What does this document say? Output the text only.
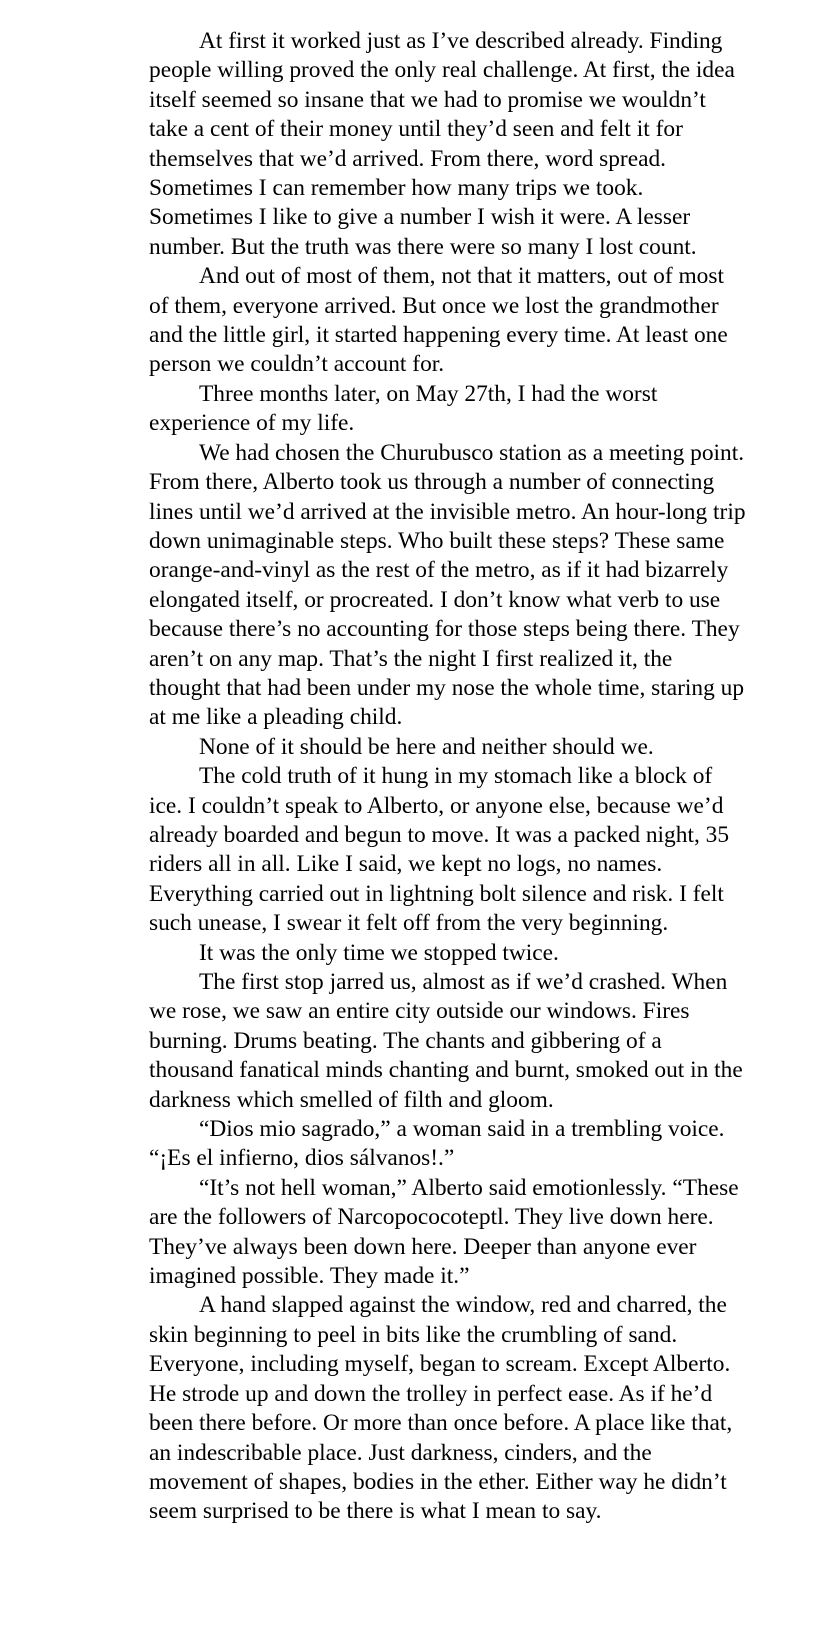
At first it worked just as I’ve described already. Finding people willing proved the only real challenge. At first, the idea itself seemed so insane that we had to promise we wouldn’t take a cent of their money until they’d seen and felt it for themselves that we’d arrived. From there, word spread. Sometimes I can remember how many trips we took. Sometimes I like to give a number I wish it were. A lesser number. But the truth was there were so many I lost count.

And out of most of them, not that it matters, out of most of them, everyone arrived. But once we lost the grandmother and the little girl, it started happening every time. At least one person we couldn’t account for.

Three months later, on May 27th, I had the worst experience of my life.

We had chosen the Churubusco station as a meeting point. From there, Alberto took us through a number of connecting lines until we’d arrived at the invisible metro. An hour-long trip down unimaginable steps. Who built these steps? These same orange-and-vinyl as the rest of the metro, as if it had bizarrely elongated itself, or procreated. I don’t know what verb to use because there’s no accounting for those steps being there. They aren’t on any map. That’s the night I first realized it, the thought that had been under my nose the whole time, staring up at me like a pleading child.

None of it should be here and neither should we.

The cold truth of it hung in my stomach like a block of ice. I couldn’t speak to Alberto, or anyone else, because we’d already boarded and begun to move. It was a packed night, 35 riders all in all. Like I said, we kept no logs, no names. Everything carried out in lightning bolt silence and risk. I felt such unease, I swear it felt off from the very beginning.

It was the only time we stopped twice.

The first stop jarred us, almost as if we’d crashed. When we rose, we saw an entire city outside our windows. Fires burning. Drums beating. The chants and gibbering of a thousand fanatical minds chanting and burnt, smoked out in the darkness which smelled of filth and gloom.

“Dios mio sagrado,” a woman said in a trembling voice. “¡Es el infierno, dios sálvanos!.”

“It’s not hell woman,” Alberto said emotionlessly. “These are the followers of Narcopococoteptl. They live down here. They’ve always been down here. Deeper than anyone ever imagined possible. They made it.”

A hand slapped against the window, red and charred, the skin beginning to peel in bits like the crumbling of sand. Everyone, including myself, began to scream. Except Alberto. He strode up and down the trolley in perfect ease. As if he’d been there before. Or more than once before. A place like that, an indescribable place. Just darkness, cinders, and the movement of shapes, bodies in the ether. Either way he didn’t seem surprised to be there is what I mean to say.
